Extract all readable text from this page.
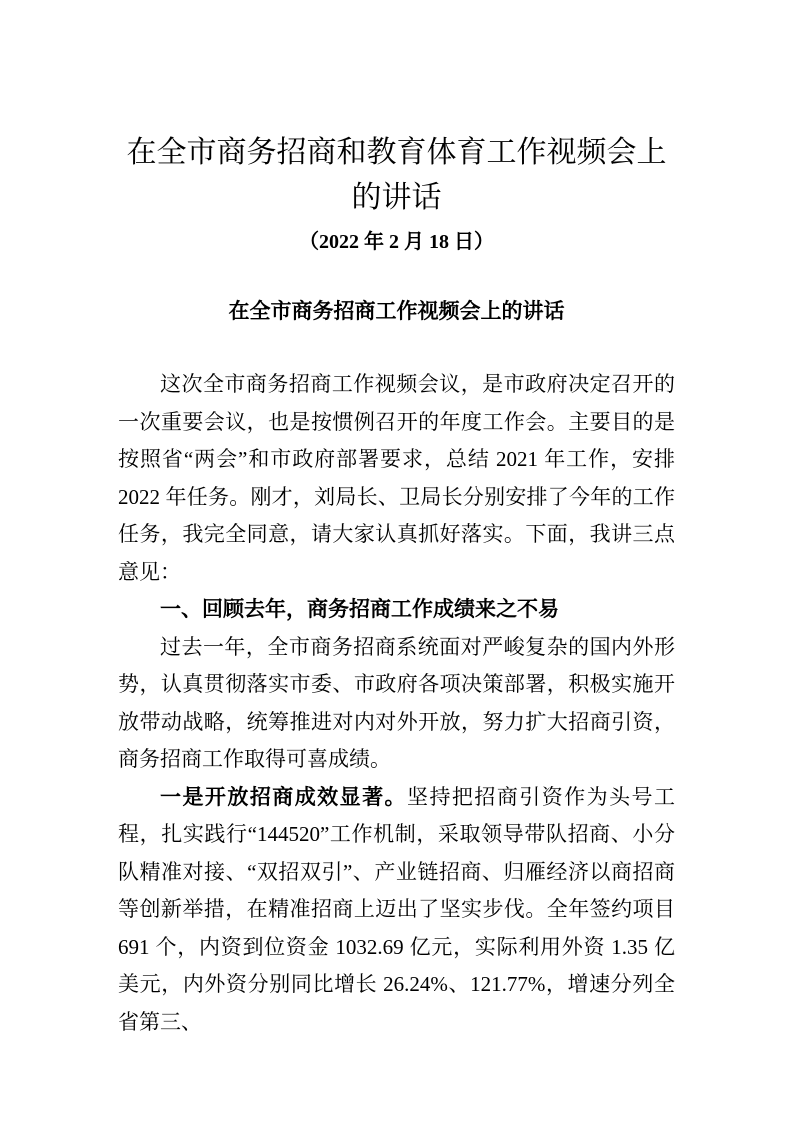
在全市商务招商和教育体育工作视频会上
的讲话
（2022 年 2 月 18 日）
在全市商务招商工作视频会上的讲话

这次全市商务招商工作视频会议，是市政府决定召开的一次重要会议，也是按惯例召开的年度工作会。主要目的是按照省“两会”和市政府部署要求，总结 2021 年工作，安排 2022 年任务。刚才，刘局长、卫局长分别安排了今年的工作任务，我完全同意，请大家认真抓好落实。下面，我讲三点意见：

一、回顾去年，商务招商工作成绩来之不易

过去一年，全市商务招商系统面对严峻复杂的国内外形势，认真贯彻落实市委、市政府各项决策部署，积极实施开放带动战略，统筹推进对内对外开放，努力扩大招商引资，商务招商工作取得可喜成绩。

一是开放招商成效显著。坚持把招商引资作为头号工程，扎实践行“144520”工作机制，采取领导带队招商、小分队精准对接、“双招双引”、产业链招商、归雁经济以商招商等创新举措，在精准招商上迈出了坚实步伐。全年签约项目 691 个，内资到位资金 1032.69 亿元，实际利用外资 1.35 亿美元，内外资分别同比增长 26.24%、121.77%，增速分列全省第三、
